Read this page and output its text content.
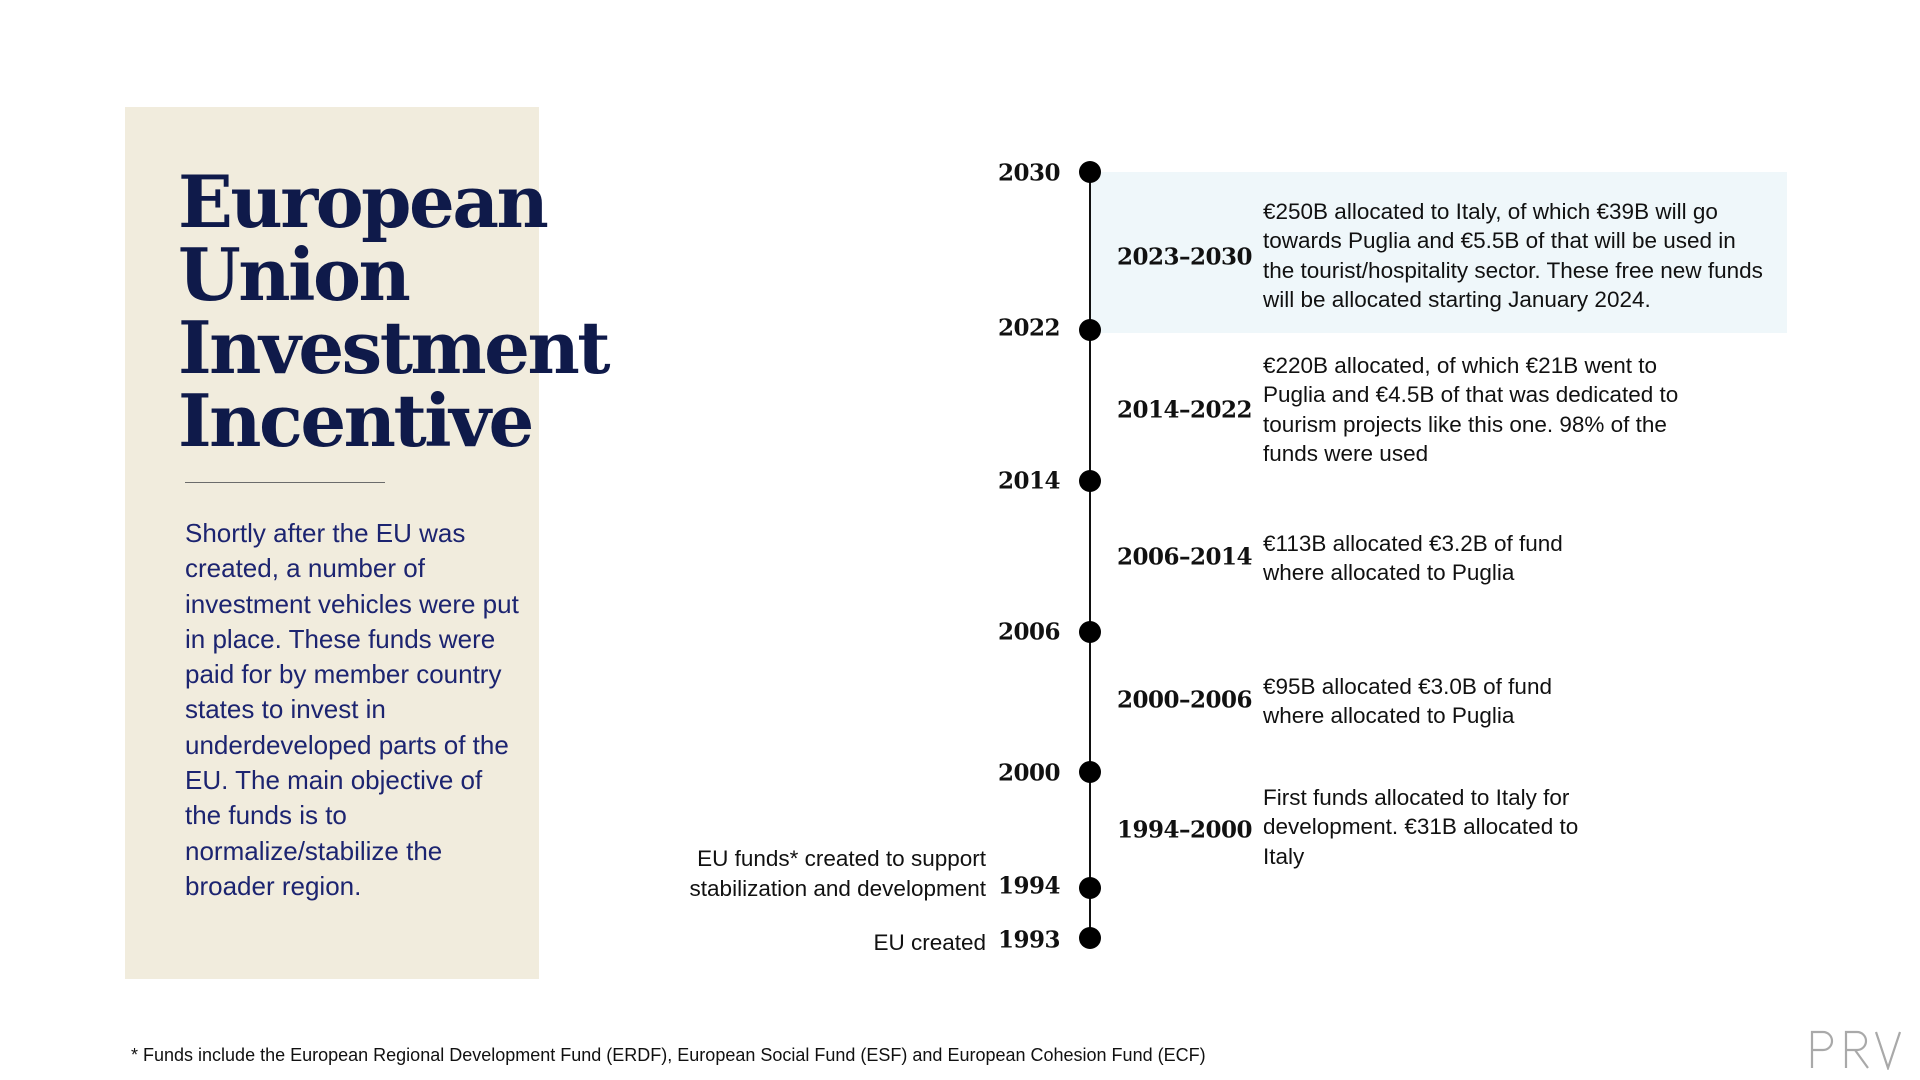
European
Union
Investment
Incentive

Shortly after the EU was created, a number of investment vehicles were put in place. These funds were paid for by member country states to invest in underdeveloped parts of the EU. The main objective of the funds is to normalize/stabilize the broader region.

2030
2022
2014
2006
2000
1994
1993
2023–2030
2014–2022
2006–2014
2000–2006
1994–2000

€250B allocated to Italy, of which €39B will go towards Puglia and €5.5B of that will be used in the tourist/hospitality sector. These free new funds will be allocated starting January 2024.

€220B allocated, of which €21B went to Puglia and €4.5B of that was dedicated to tourism projects like this one. 98% of the funds were used

€113B allocated €3.2B of fund where allocated to Puglia

€95B allocated €3.0B of fund where allocated to Puglia

First funds allocated to Italy for development. €31B allocated to Italy

EU funds* created to support stabilization and development

EU created

* Funds include the European Regional Development Fund (ERDF), European Social Fund (ESF) and European Cohesion Fund (ECF)
